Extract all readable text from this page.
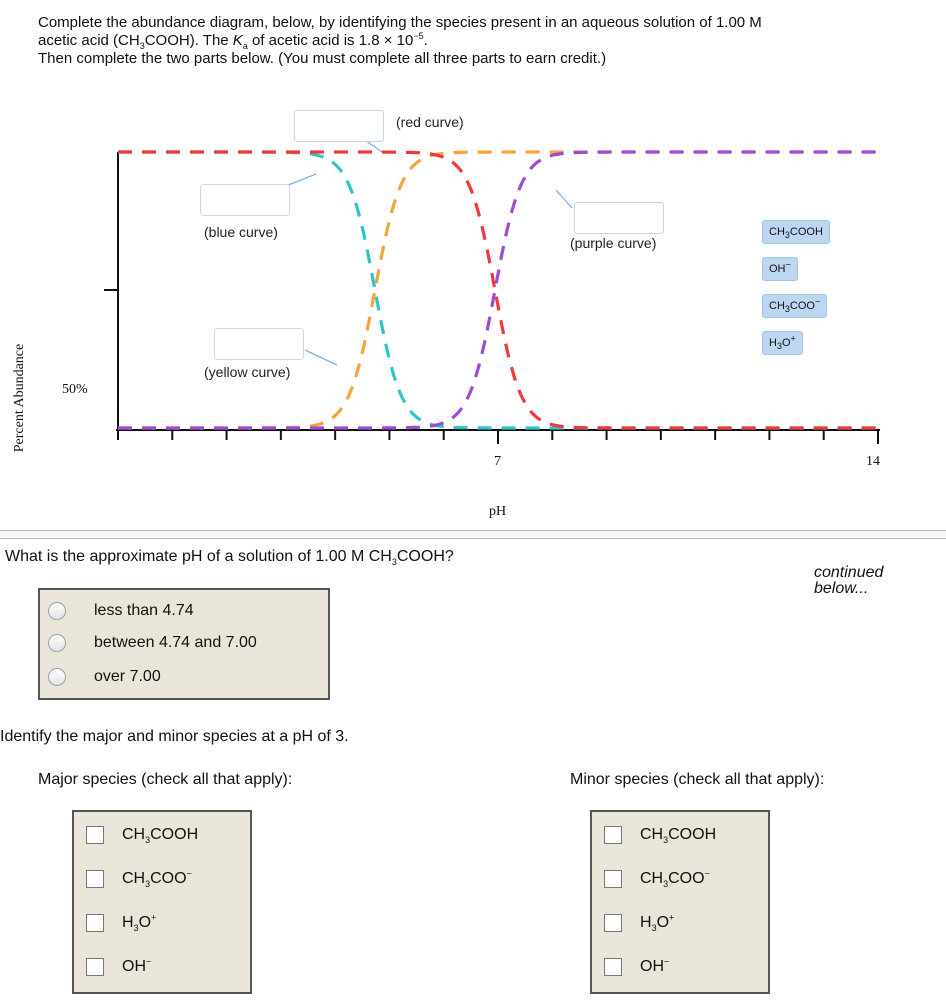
Complete the abundance diagram, below, by identifying the species present in an aqueous solution of 1.00 M

acetic acid $(CH_3COOH)$. The $K_a$ of acetic acid is $1.8 \times 10^{-5}$.

Then complete the two parts below. (You must complete all three parts to earn credit.)

(red curve)
(blue curve)
(purple curve)
(yellow curve)
$CH_3COOH$
OH−
$CH_3COO^-$
$H_3O^+$
Percent Abundance	50%
7	14
pH
What is the approximate pH of a solution of 1.00 M $CH_3COOH$?
continued below...
less than 4.74
between 4.74 and 7.00
over 7.00
Identify the major and minor species at a pH of 3.
Major species (check all that apply):	Minor species (check all that apply):
$CH_3COOH$
$CH_3COO^-$
$H_3O^+$
OH−
$CH_3COOH$
$CH_3COO^-$
$H_3O^+$
OH−
